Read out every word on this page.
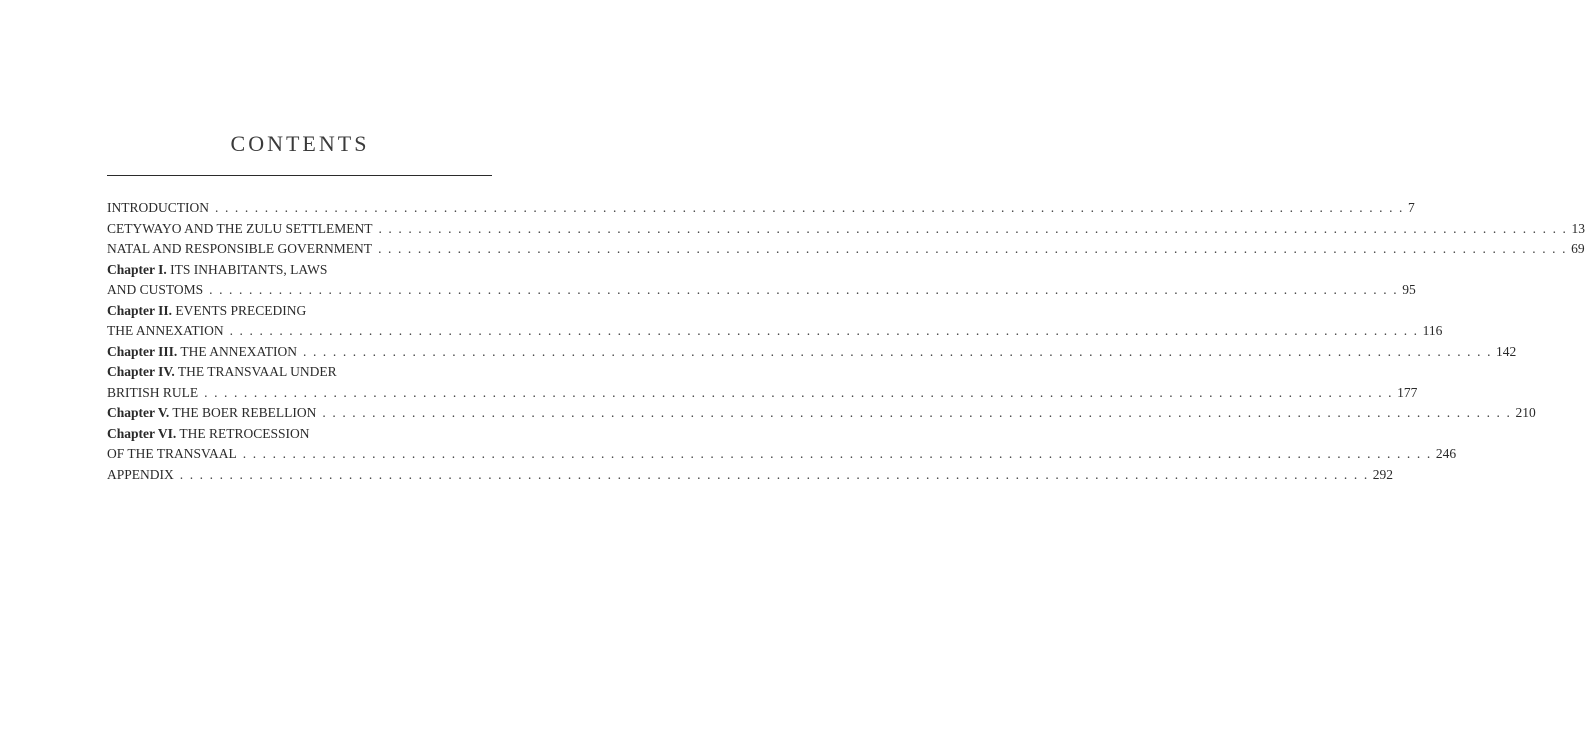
CONTENTS
INTRODUCTION . . . . . . . . . . . . . . . . . . . . . . . . . . . . . . . . . . . . . . . . . . . . . . . . . . . . . . . . . . . . . . . . . . . . . . . . . . . . . . . . . . . . . . . . . . . . . . . . . . . . . . . . . . . . . . . . . . . . . . . . 7
CETYWAYO AND THE ZULU SETTLEMENT . . . . . . . . . . . . . . . . . . . . . . . . . . . . . . . . . . . . . . . . . . . . . . . . . . . . . . . . . . . . . . . . . . . . . . . . . . . . . . . . . . . . . . . . . . . . . . . . . . . . . . . . . . . . . . . . . . . . . . . . 13
NATAL AND RESPONSIBLE GOVERNMENT . . . . . . . . . . . . . . . . . . . . . . . . . . . . . . . . . . . . . . . . . . . . . . . . . . . . . . . . . . . . . . . . . . . . . . . . . . . . . . . . . . . . . . . . . . . . . . . . . . . . . . . . . . . . . . . . . . . . . . . . 69
Chapter I. ITS INHABITANTS, LAWS
AND CUSTOMS . . . . . . . . . . . . . . . . . . . . . . . . . . . . . . . . . . . . . . . . . . . . . . . . . . . . . . . . . . . . . . . . . . . . . . . . . . . . . . . . . . . . . . . . . . . . . . . . . . . . . . . . . . . . . . . . . . . . . . . . 95
Chapter II. EVENTS PRECEDING
THE ANNEXATION . . . . . . . . . . . . . . . . . . . . . . . . . . . . . . . . . . . . . . . . . . . . . . . . . . . . . . . . . . . . . . . . . . . . . . . . . . . . . . . . . . . . . . . . . . . . . . . . . . . . . . . . . . . . . . . . . . . . . . . . 116
Chapter III. THE ANNEXATION . . . . . . . . . . . . . . . . . . . . . . . . . . . . . . . . . . . . . . . . . . . . . . . . . . . . . . . . . . . . . . . . . . . . . . . . . . . . . . . . . . . . . . . . . . . . . . . . . . . . . . . . . . . . . . . . . . . . . . . . 142
Chapter IV. THE TRANSVAAL UNDER
BRITISH RULE . . . . . . . . . . . . . . . . . . . . . . . . . . . . . . . . . . . . . . . . . . . . . . . . . . . . . . . . . . . . . . . . . . . . . . . . . . . . . . . . . . . . . . . . . . . . . . . . . . . . . . . . . . . . . . . . . . . . . . . . 177
Chapter V. THE BOER REBELLION . . . . . . . . . . . . . . . . . . . . . . . . . . . . . . . . . . . . . . . . . . . . . . . . . . . . . . . . . . . . . . . . . . . . . . . . . . . . . . . . . . . . . . . . . . . . . . . . . . . . . . . . . . . . . . . . . . . . . . . . 210
Chapter VI. THE RETROCESSION
OF THE TRANSVAAL . . . . . . . . . . . . . . . . . . . . . . . . . . . . . . . . . . . . . . . . . . . . . . . . . . . . . . . . . . . . . . . . . . . . . . . . . . . . . . . . . . . . . . . . . . . . . . . . . . . . . . . . . . . . . . . . . . . . . . . . 246
APPENDIX . . . . . . . . . . . . . . . . . . . . . . . . . . . . . . . . . . . . . . . . . . . . . . . . . . . . . . . . . . . . . . . . . . . . . . . . . . . . . . . . . . . . . . . . . . . . . . . . . . . . . . . . . . . . . . . . . . . . . . . . 292
